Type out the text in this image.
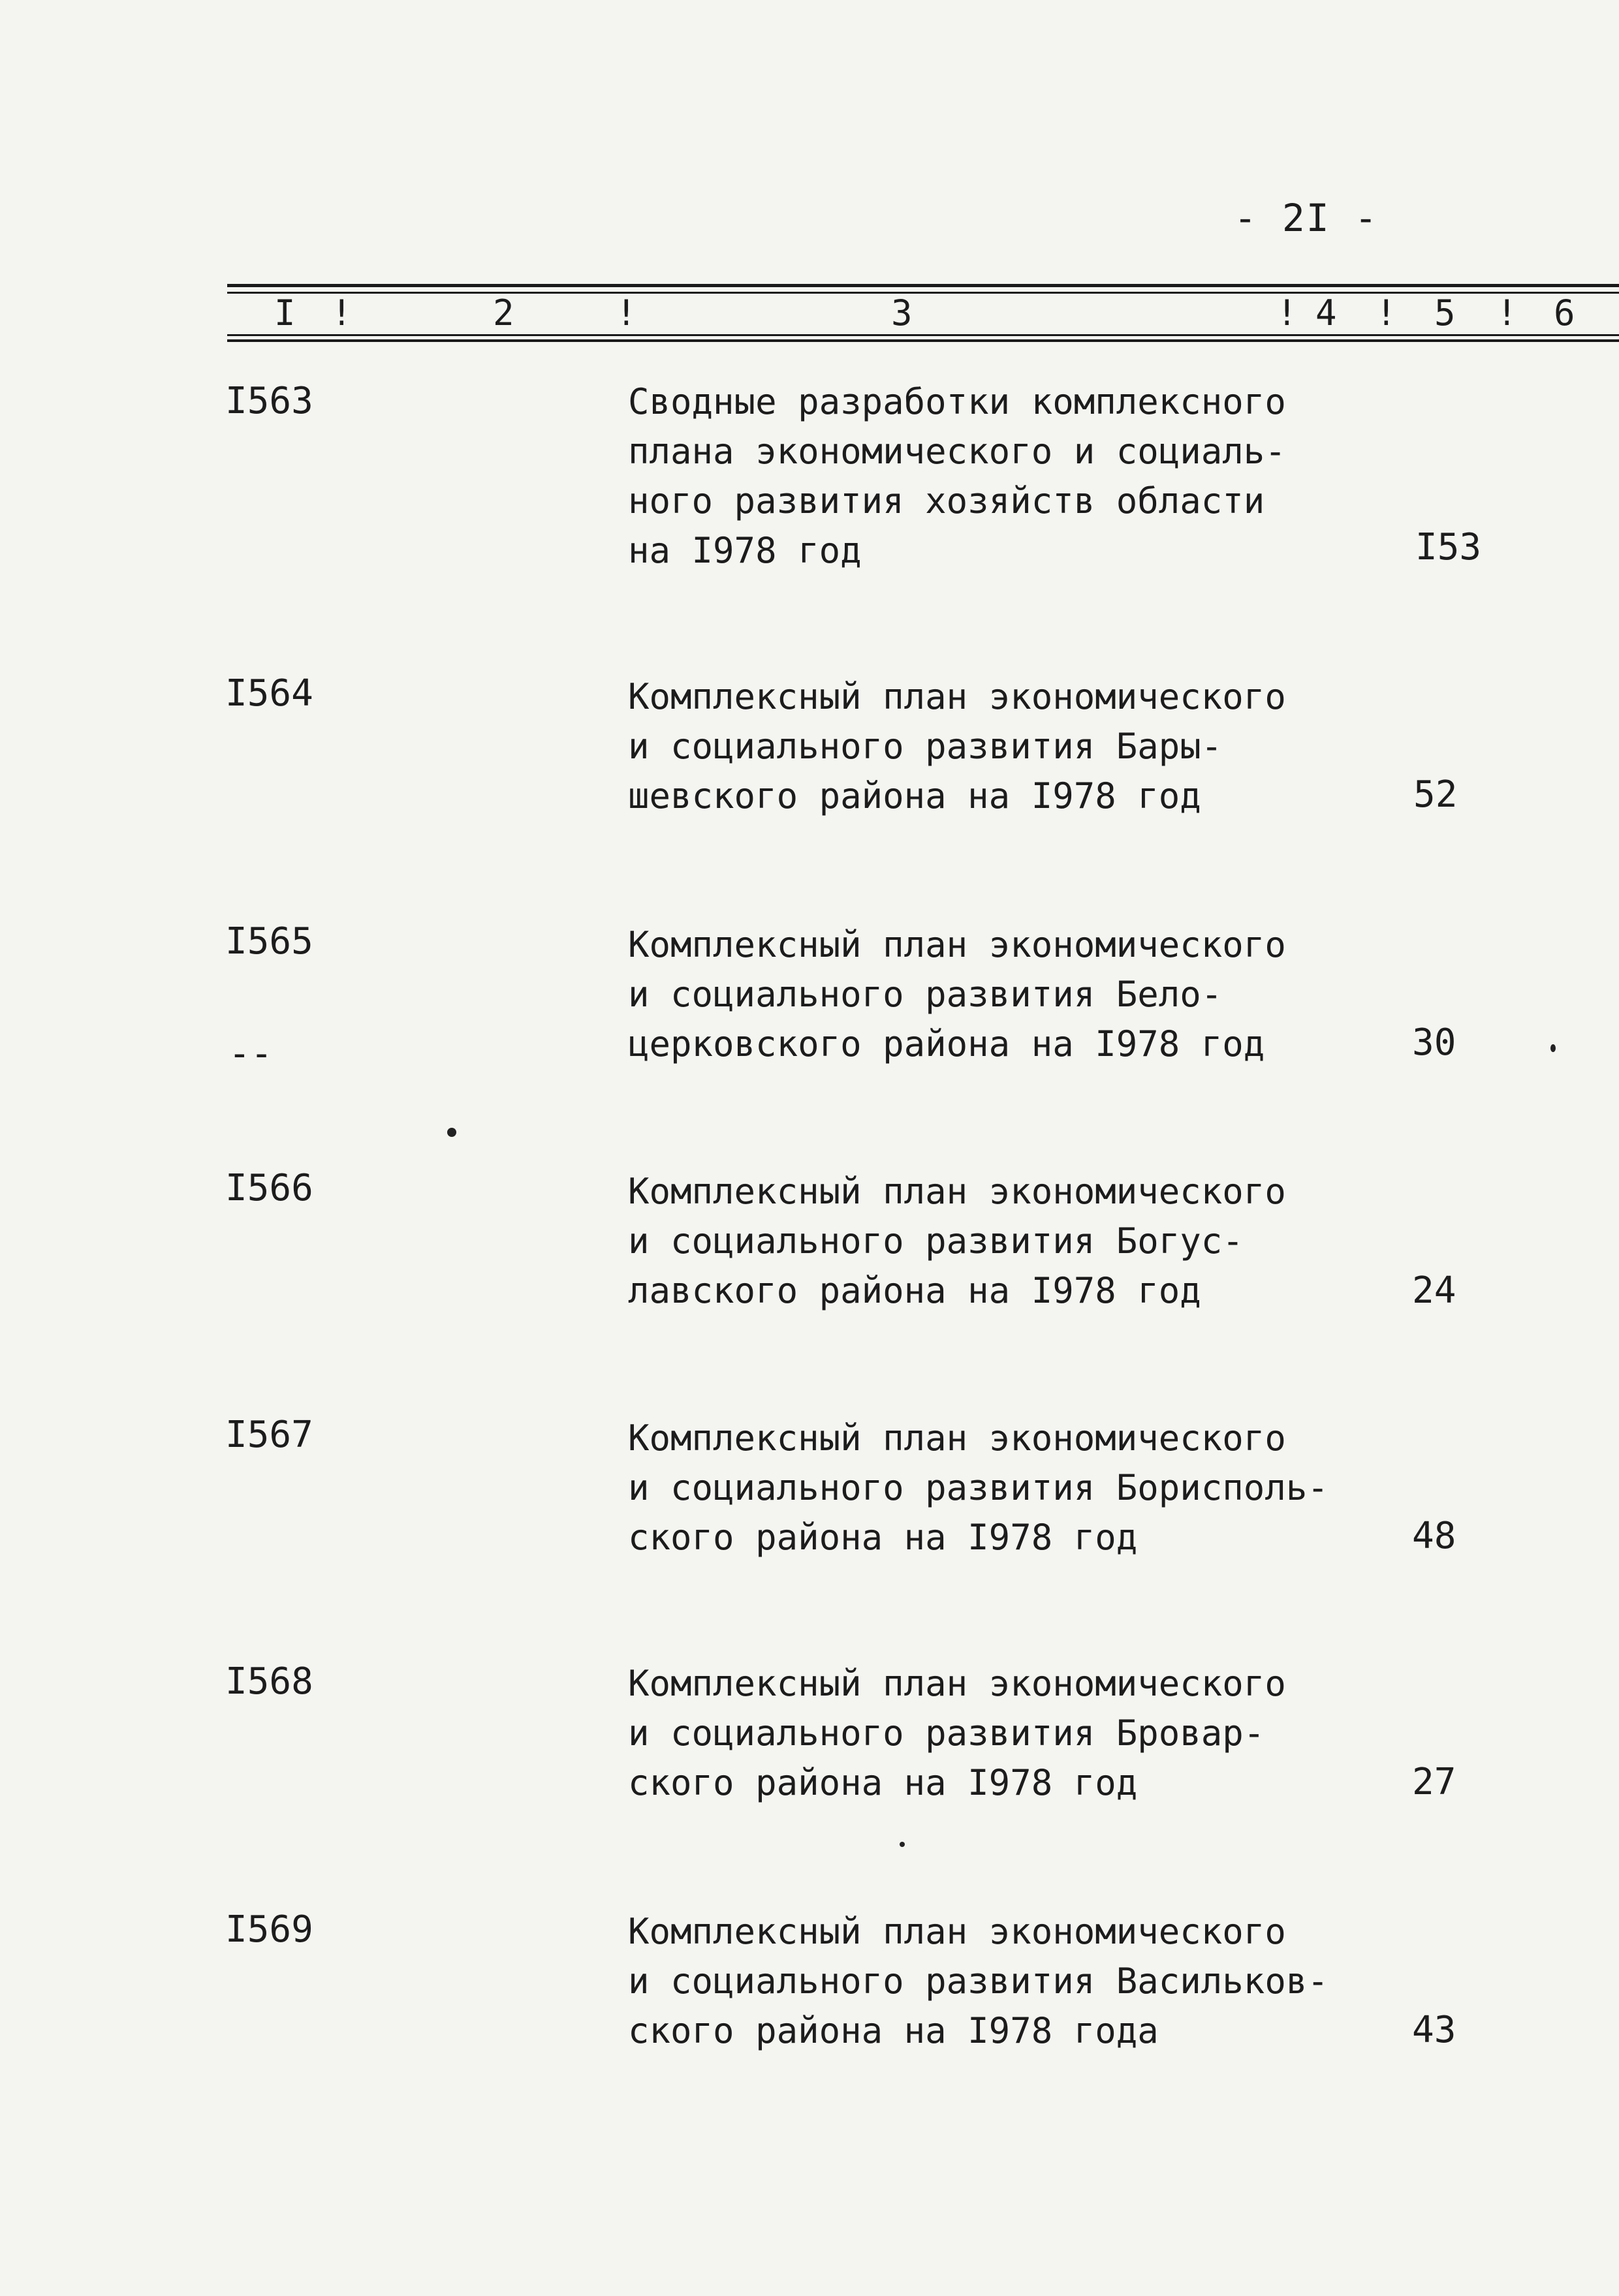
- 2I -
I !	2	!	3	! 4 ! 5 ! 6
I563	Сводные разработки комплексного
плана экономического и социаль-
ного развития хозяйств области
на I978 год	I53
I564	Комплексный план экономического
и социального развития Бары-
шевского района на I978 год	52
I565	Комплексный план экономического
и социального развития Бело-
церковского района на I978 год	30
--
I566	Комплексный план экономического
и социального развития Богус-
лавского района на I978 год	24
I567	Комплексный план экономического
и социального развития Борисполь-
ского района на I978 год	48
I568	Комплексный план экономического
и социального развития Бровар-
ского района на I978 год	27
I569	Комплексный план экономического
и социального развития Васильков-
ского района на I978 года	43
